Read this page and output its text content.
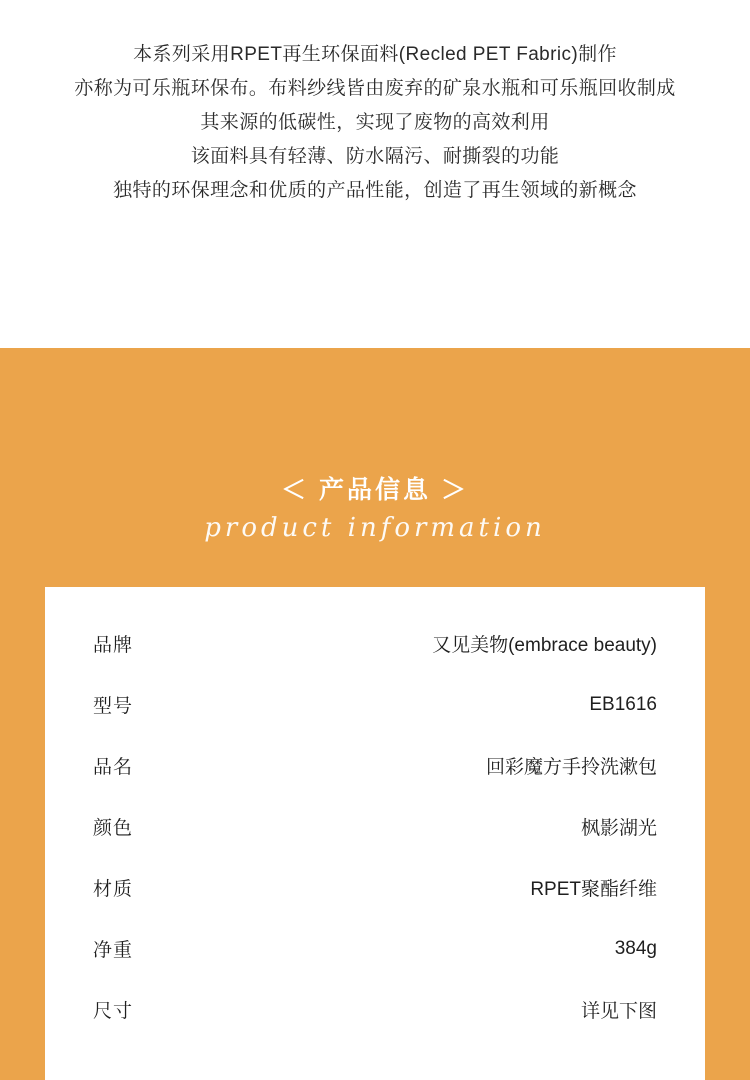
本系列采用RPET再生环保面料(Recled PET Fabric)制作
亦称为可乐瓶环保布。布料纱线皆由废弃的矿泉水瓶和可乐瓶回收制成
其来源的低碳性，实现了废物的高效利用
该面料具有轻薄、防水隔污、耐撕裂的功能
独特的环保理念和优质的产品性能，创造了再生领域的新概念
＜ 产品信息 ＞
product information
品牌	又见美物(embrace beauty)
型号	EB1616
品名	回彩魔方手拎洗漱包
颜色	枫影湖光
材质	RPET聚酯纤维
净重	384g
尺寸	详见下图
